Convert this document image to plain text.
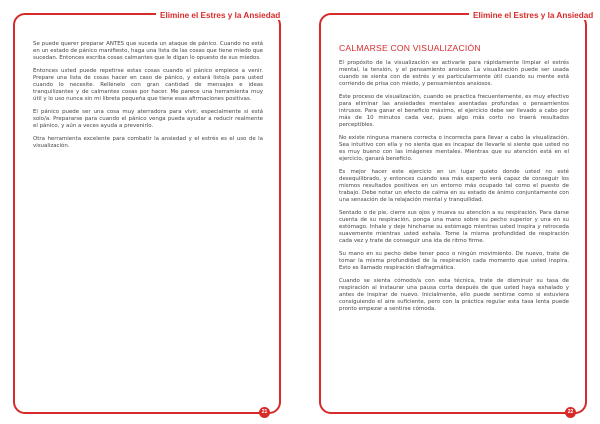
Elimine el Estres y la Ansiedad

Se puede querer preparar ANTES que suceda un ataque de pánico. Cuando no está en un estado de pánico manifiesto, haga una lista de las cosas que tiene miedo que sucedan. Entonces escriba cosas calmantes que le digan lo opuesto de sus miedos.

Entonces usted puede repetirse estas cosas cuando el pánico empiece a venir. Prepare una lista de cosas hacer en caso de pánico, y estará listo/a para usted cuando lo necesite. Rellénelo con gran cantidad de mensajes e ideas tranquilizantes y de calmantes cosas por hacer. Me parece una herramienta muy útil y lo uso nunca sin mi libreta pequeña que tiene esas afirmaciones positivas.

El pánico puede ser una cosa muy aterradora para vivir, especialmente si está solo/a. Prepararse para cuando el pánico venga pueda ayudar a reducir realmente el pánico, y aún a veces ayuda a prevenirlo.

Otra herramienta excelente para combatir la ansiedad y el estrés es el uso de la visualización.

21
Elimine el Estres y la Ansiedad
CALMARSE CON VISUALIZACIÓN

El propósito de la visualización es activarle para rápidamente limpiar el estrés mental, la tensión, y el pensamiento ansioso. La visualización puede ser usada cuando se sienta con de estrés y es particularmente útil cuando su mente está corriendo de prisa con miedo, y pensamientos ansiosos.

Este proceso de visualización, cuando se practica frecuentemente, es muy efectivo para eliminar las ansiedades mentales asentadas profundas o pensamientos intrusos. Para ganar el beneficio máximo, el ejercicio debe ser llevado a cabo por más de 10 minutos cada vez, pues algo más corto no traerá resultados perceptibles.

No existe ninguna manera correcta o incorrecta para llevar a cabo la visualización. Sea intuitivo con ella y no sienta que es incapaz de llevarle si siente que usted no es muy bueno con las imágenes mentales. Mientras que su atención está en el ejercicio, ganará beneficio.

Es mejor hacer este ejercicio en un lugar quieto donde usted no esté desequilibrado, y entonces cuando sea más experto será capaz de conseguir los mismos resultados positivos en un entorno más ocupado tal como el puesto de trabajo. Debe notar un efecto de calma en su estado de ánimo conjuntamente con una sensación de la relajación mental y tranquilidad.

Sentado o de pie, cierre sus ojos y mueva su atención a su respiración. Para darse cuenta de su respiración, ponga una mano sobre su pecho superior y una en su estómago. Inhale y deje hincharse su estómago mientras usted inspira y retroceda suavemente mientras usted exhala. Tome la misma profundidad de respiración cada vez y trate de conseguir una ida de ritmo firme.

Su mano en su pecho debe tener poco o ningún movimiento. De nuevo, trate de tomar la misma profundidad de la respiración cada momento que usted inspira. Esto es llamado respiración diafragmática.

Cuando se sienta cómodo/a con esta técnica, trate de disminuir su tasa de respiración al instaurar una pausa corta después de que usted haya exhalado y antes de inspirar de nuevo. Inicialmente, ello puede sentirse como si estuviera consiguiendo el aire suficiente, pero con la práctica regular esta tasa lenta puede pronto empezar a sentirse cómoda.

22
